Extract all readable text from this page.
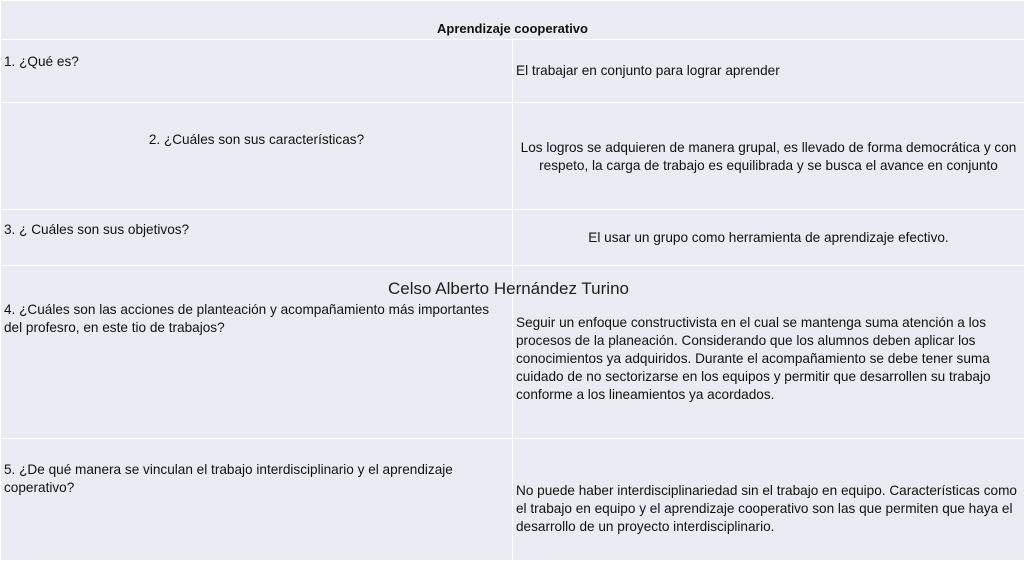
Aprendizaje cooperativo	
1. ¿Qué es?	El trabajar en conjunto para lograr aprender
2. ¿Cuáles son sus características?	Los logros se adquieren de manera grupal, es llevado de forma democrática y con respeto, la carga de trabajo es equilibrada y se busca el avance en conjunto
3. ¿ Cuáles son sus objetivos?	El usar un grupo como herramienta de aprendizaje efectivo.
4. ¿Cuáles son las acciones de planteación y acompañamiento más importantes del profesro, en este tio de trabajos?	Seguir un enfoque constructivista en el cual se mantenga suma atención a los procesos de la planeación. Considerando que los alumnos deben aplicar los conocimientos ya adquiridos. Durante el acompañamiento se debe tener suma cuidado de no sectorizarse en los equipos y permitir que desarrollen su trabajo conforme a los lineamientos ya acordados.
5. ¿De qué manera se vinculan el trabajo interdisciplinario y el aprendizaje coperativo?	No puede haber interdisciplinariedad sin el trabajo en equipo. Características como el trabajo en equipo y el aprendizaje cooperativo son las que permiten que haya el desarrollo de un proyecto interdisciplinario.
Celso Alberto Hernández Turino
